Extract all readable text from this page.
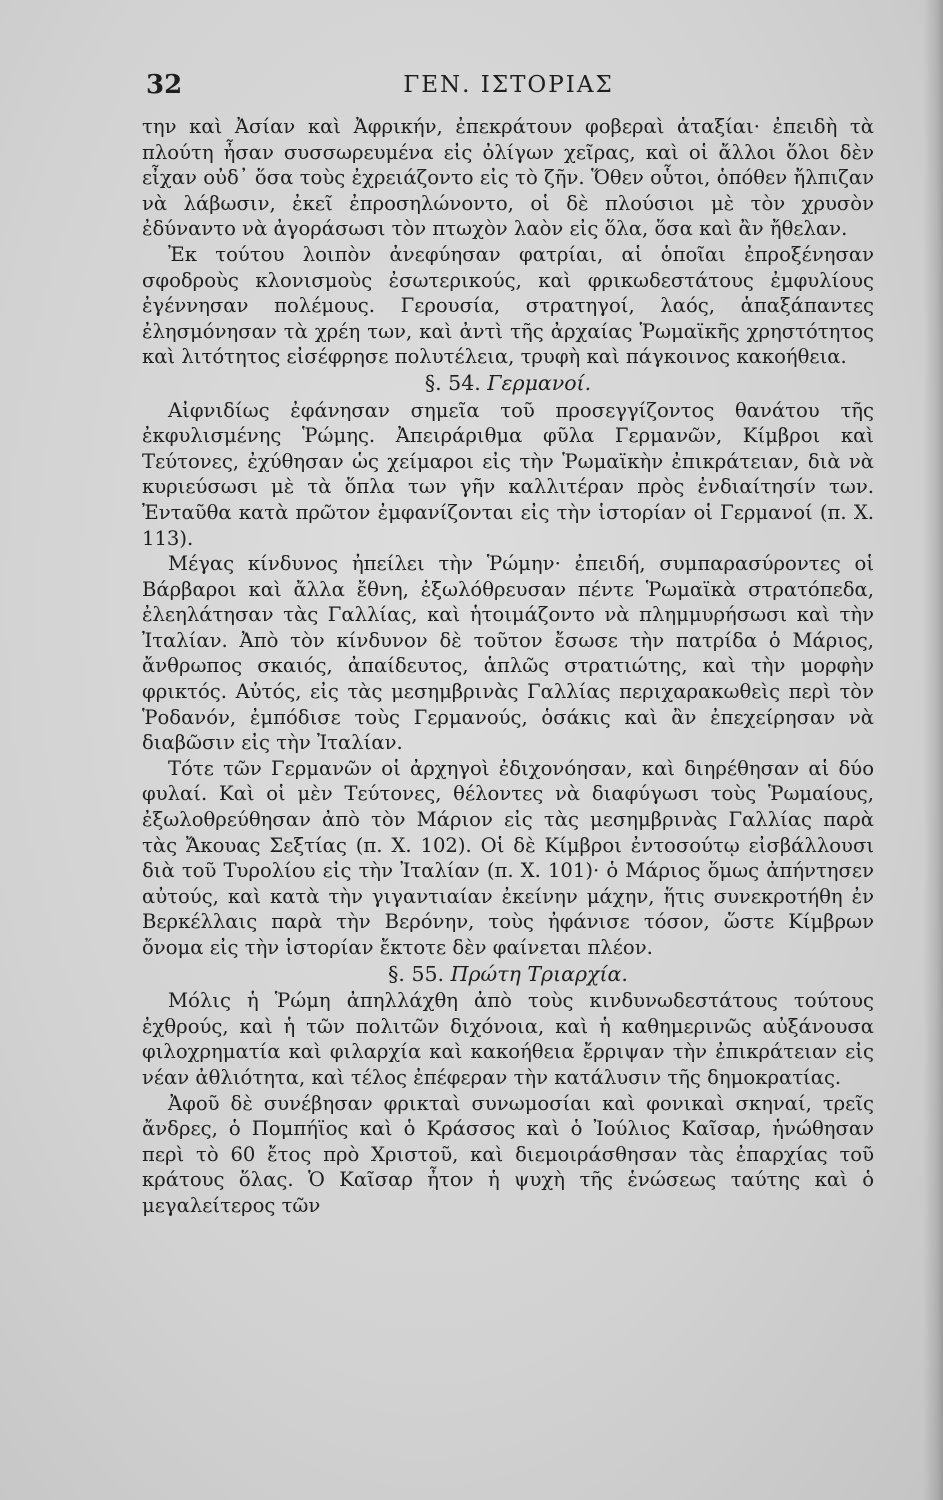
32	ΓΕΝ. ΙΣΤΟΡΙΑΣ

την καὶ Ἀσίαν καὶ Ἀφρικήν, ἐπεκράτουν φοβεραὶ ἀταξίαι· ἐπειδὴ τὰ πλούτη ἦσαν συσσωρευμένα εἰς ὀλίγων χεῖρας, καὶ οἱ ἄλλοι ὅλοι δὲν εἶχαν οὐδ᾽ ὅσα τοὺς ἐχρειάζοντο εἰς τὸ ζῆν. Ὅθεν οὗτοι, ὁπόθεν ἤλπιζαν νὰ λάβωσιν, ἐκεῖ ἐπροσηλώνοντο, οἱ δὲ πλούσιοι μὲ τὸν χρυσὸν ἐδύναντο νὰ ἀγοράσωσι τὸν πτωχὸν λαὸν εἰς ὅλα, ὅσα καὶ ἂν ἤθελαν.

Ἐκ τούτου λοιπὸν ἀνεφύησαν φατρίαι, αἱ ὁποῖαι ἐπροξένησαν σφοδροὺς κλονισμοὺς ἐσωτερικούς, καὶ φρικωδεστάτους ἐμφυλίους ἐγέννησαν πολέμους. Γερουσία, στρατηγοί, λαός, ἁπαξάπαντες ἐλησμόνησαν τὰ χρέη των, καὶ ἀντὶ τῆς ἀρχαίας Ῥωμαϊκῆς χρηστότητος καὶ λιτότητος εἰσέφρησε πολυτέλεια, τρυφὴ καὶ πάγκοινος κακοήθεια.

§. 54. Γερμανοί.

Αἰφνιδίως ἐφάνησαν σημεῖα τοῦ προσεγγίζοντος θανάτου τῆς ἐκφυλισμένης Ῥώμης. Ἀπειράριθμα φῦλα Γερμανῶν, Κίμβροι καὶ Τεύτονες, ἐχύθησαν ὡς χείμαροι εἰς τὴν Ῥωμαϊκὴν ἐπικράτειαν, διὰ νὰ κυριεύσωσι μὲ τὰ ὅπλα των γῆν καλλιτέραν πρὸς ἐνδιαίτησίν των. Ἐνταῦθα κατὰ πρῶτον ἐμφανίζονται εἰς τὴν ἱστορίαν οἱ Γερμανοί (π. Χ. 113).

Μέγας κίνδυνος ἠπείλει τὴν Ῥώμην· ἐπειδή, συμπαρασύροντες οἱ Βάρβαροι καὶ ἄλλα ἔθνη, ἐξωλόθρευσαν πέντε Ῥωμαϊκὰ στρατόπεδα, ἐλεηλάτησαν τὰς Γαλλίας, καὶ ἡτοιμάζοντο νὰ πλημμυρήσωσι καὶ τὴν Ἰταλίαν. Ἀπὸ τὸν κίνδυνον δὲ τοῦτον ἔσωσε τὴν πατρίδα ὁ Μάριος, ἄνθρωπος σκαιός, ἀπαίδευτος, ἁπλῶς στρατιώτης, καὶ τὴν μορφὴν φρικτός. Αὐτός, εἰς τὰς μεσημβρινὰς Γαλλίας περιχαρακωθεὶς περὶ τὸν Ῥοδανόν, ἐμπόδισε τοὺς Γερμανούς, ὁσάκις καὶ ἂν ἐπεχείρησαν νὰ διαβῶσιν εἰς τὴν Ἰταλίαν.

Τότε τῶν Γερμανῶν οἱ ἀρχηγοὶ ἐδιχονόησαν, καὶ διηρέθησαν αἱ δύο φυλαί. Καὶ οἱ μὲν Τεύτονες, θέλοντες νὰ διαφύγωσι τοὺς Ῥωμαίους, ἐξωλοθρεύθησαν ἀπὸ τὸν Μάριον εἰς τὰς μεσημβρινὰς Γαλλίας παρὰ τὰς Ἄκουας Σεξτίας (π. Χ. 102). Οἱ δὲ Κίμβροι ἐντοσούτῳ εἰσβάλλουσι διὰ τοῦ Τυρολίου εἰς τὴν Ἰταλίαν (π. Χ. 101)· ὁ Μάριος ὅμως ἀπήντησεν αὐτούς, καὶ κατὰ τὴν γιγαντιαίαν ἐκείνην μάχην, ἥτις συνεκροτήθη ἐν Βερκέλλαις παρὰ τὴν Βερόνην, τοὺς ἠφάνισε τόσον, ὥστε Κίμβρων ὄνομα εἰς τὴν ἱστορίαν ἔκτοτε δὲν φαίνεται πλέον.

§. 55. Πρώτη Τριαρχία.

Μόλις ἡ Ῥώμη ἀπηλλάχθη ἀπὸ τοὺς κινδυνωδεστάτους τούτους ἐχθρούς, καὶ ἡ τῶν πολιτῶν διχόνοια, καὶ ἡ καθημερινῶς αὐξάνουσα φιλοχρηματία καὶ φιλαρχία καὶ κακοήθεια ἔρριψαν τὴν ἐπικράτειαν εἰς νέαν ἀθλιότητα, καὶ τέλος ἐπέφεραν τὴν κατάλυσιν τῆς δημοκρατίας.

Ἀφοῦ δὲ συνέβησαν φρικταὶ συνωμοσίαι καὶ φονικαὶ σκηναί, τρεῖς ἄνδρες, ὁ Πομπήϊος καὶ ὁ Κράσσος καὶ ὁ Ἰούλιος Καῖσαρ, ἡνώθησαν περὶ τὸ 60 ἔτος πρὸ Χριστοῦ, καὶ διεμοιράσθησαν τὰς ἐπαρχίας τοῦ κράτους ὅλας. Ὁ Καῖσαρ ἦτον ἡ ψυχὴ τῆς ἑνώσεως ταύτης καὶ ὁ μεγαλείτερος τῶν
